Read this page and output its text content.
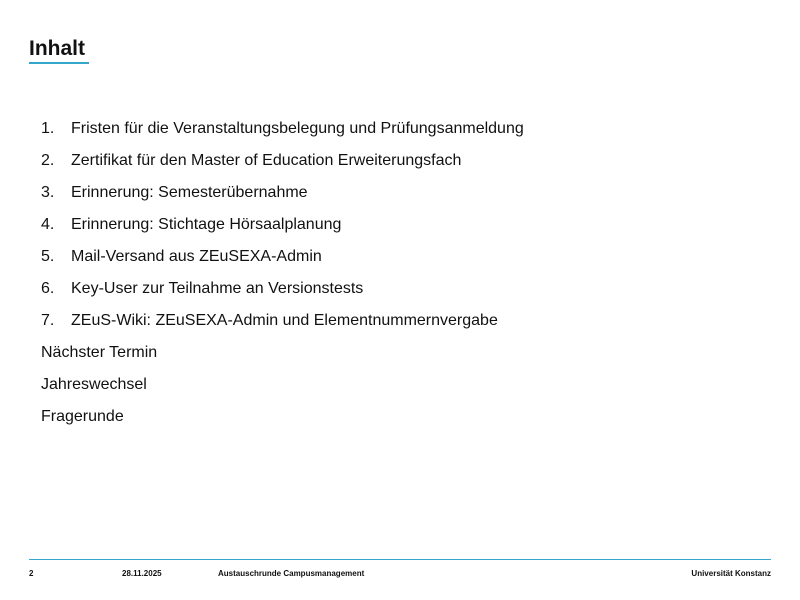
Inhalt
1. Fristen für die Veranstaltungsbelegung und Prüfungsanmeldung
2. Zertifikat für den Master of Education Erweiterungsfach
3. Erinnerung: Semesterübernahme
4. Erinnerung: Stichtage Hörsaalplanung
5. Mail-Versand aus ZEuSEXA-Admin
6. Key-User zur Teilnahme an Versionstests
7. ZEuS-Wiki: ZEuSEXA-Admin und Elementnummernvergabe
Nächster Termin
Jahreswechsel
Fragerunde
2	28.11.2025	Austauschrunde Campusmanagement	Universität Konstanz
